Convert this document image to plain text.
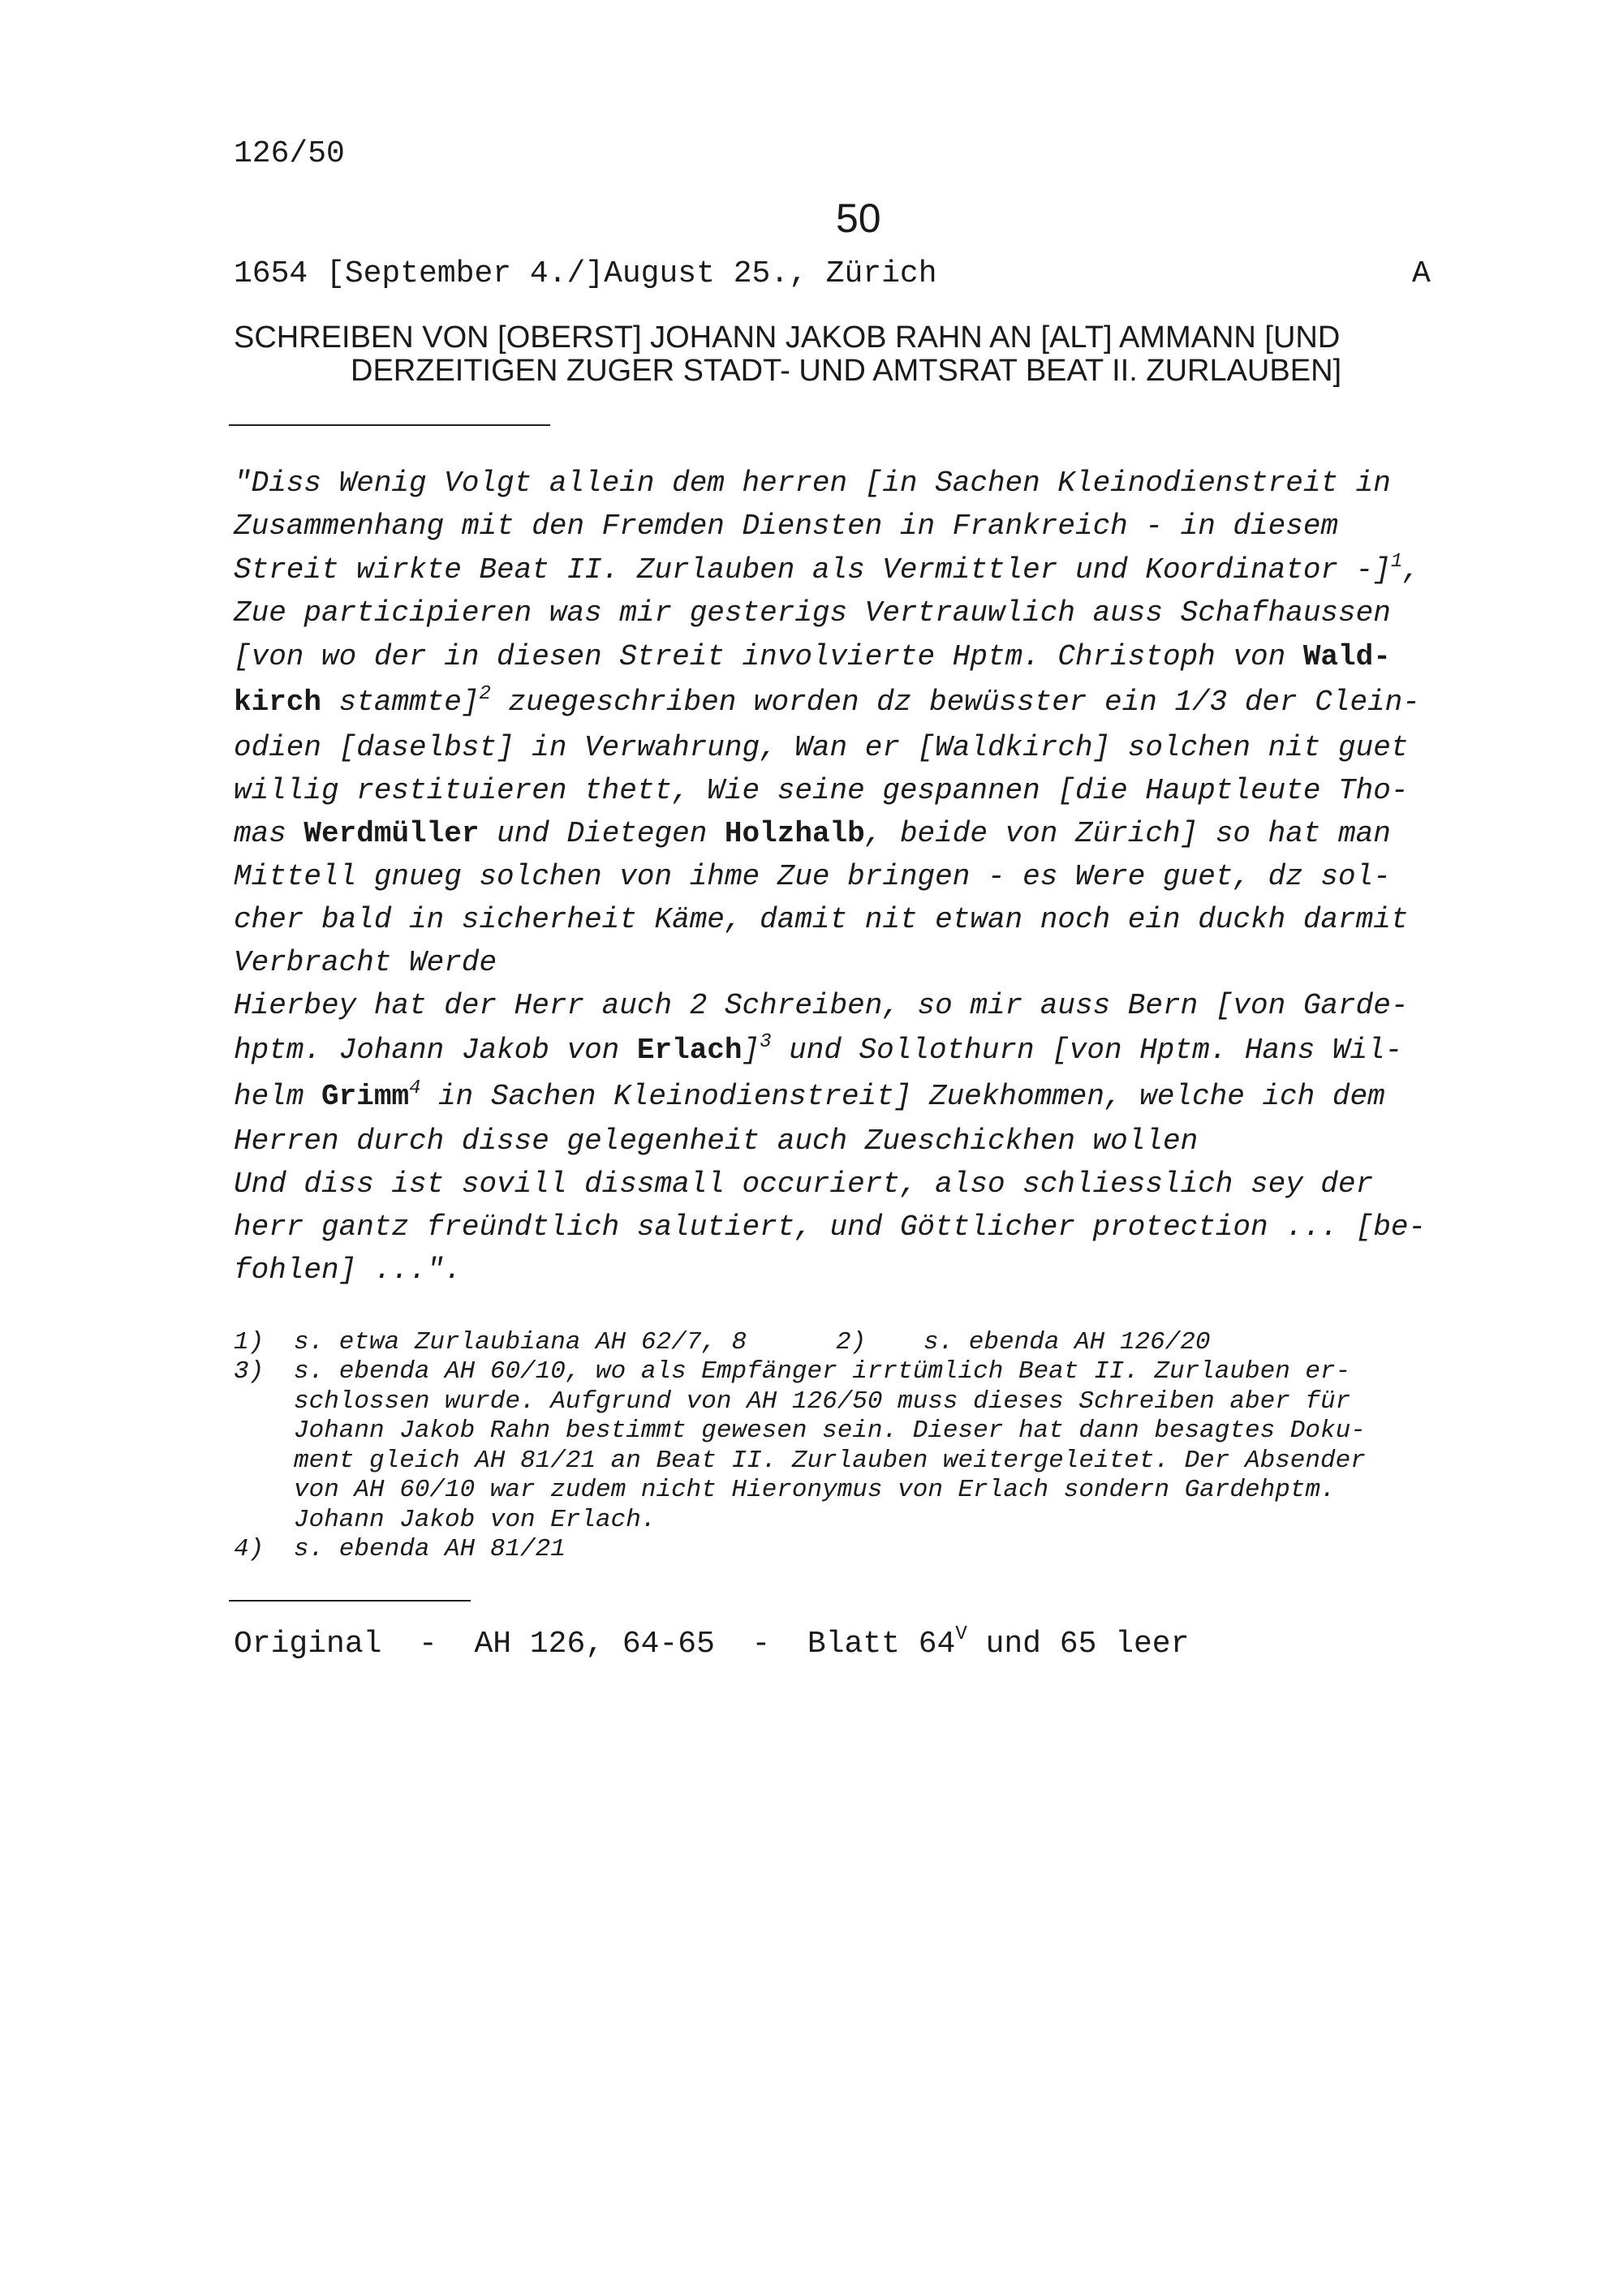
126/50
50
1654 [September 4./]August 25., Zürich	A
SCHREIBEN VON [OBERST] JOHANN JAKOB RAHN AN [ALT] AMMANN [UND
DERZEITIGEN ZUGER STADT- UND AMTSRAT BEAT II. ZURLAUBEN]
"Diss Wenig Volgt allein dem herren [in Sachen Kleinodienstreit in
Zusammenhang mit den Fremden Diensten in Frankreich - in diesem
Streit wirkte Beat II. Zurlauben als Vermittler und Koordinator -]$^1$,
Zue participieren was mir gesterigs Vertrauwlich auss Schafhaussen
[von wo der in diesen Streit involvierte Hptm. Christoph von Wald-
kirch stammte]$^2$ zuegeschriben worden dz bewüsster ein 1/3 der Clein-
odien [daselbst] in Verwahrung, Wan er [Waldkirch] solchen nit guet
willig restituieren thett, Wie seine gespannen [die Hauptleute Tho-
mas Werdmüller und Dietegen Holzhalb, beide von Zürich] so hat man
Mittell gnueg solchen von ihme Zue bringen - es Were guet, dz sol-
cher bald in sicherheit Käme, damit nit etwan noch ein duckh darmit
Verbracht Werde
Hierbey hat der Herr auch 2 Schreiben, so mir auss Bern [von Garde-
hptm. Johann Jakob von Erlach]$^3$ und Sollothurn [von Hptm. Hans Wil-
helm Grimm$^4$ in Sachen Kleinodienstreit] Zuekhommen, welche ich dem
Herren durch disse gelegenheit auch Zueschickhen wollen
Und diss ist sovill dissmall occuriert, also schliesslich sey der
herr gantz freündtlich salutiert, und Göttlicher protection ... [be-
fohlen] ...".
1) s. etwa Zurlaubiana AH 62/7, 8	2) s. ebenda AH 126/20
3) s. ebenda AH 60/10, wo als Empfänger irrtümlich Beat II. Zurlauben er-
schlossen wurde. Aufgrund von AH 126/50 muss dieses Schreiben aber für
Johann Jakob Rahn bestimmt gewesen sein. Dieser hat dann besagtes Doku-
ment gleich AH 81/21 an Beat II. Zurlauben weitergeleitet. Der Absender
von AH 60/10 war zudem nicht Hieronymus von Erlach sondern Gardehptm.
Johann Jakob von Erlach.
4) s. ebenda AH 81/21
Original  -  AH 126, 64-65  -  Blatt $64^V$ und 65 leer
